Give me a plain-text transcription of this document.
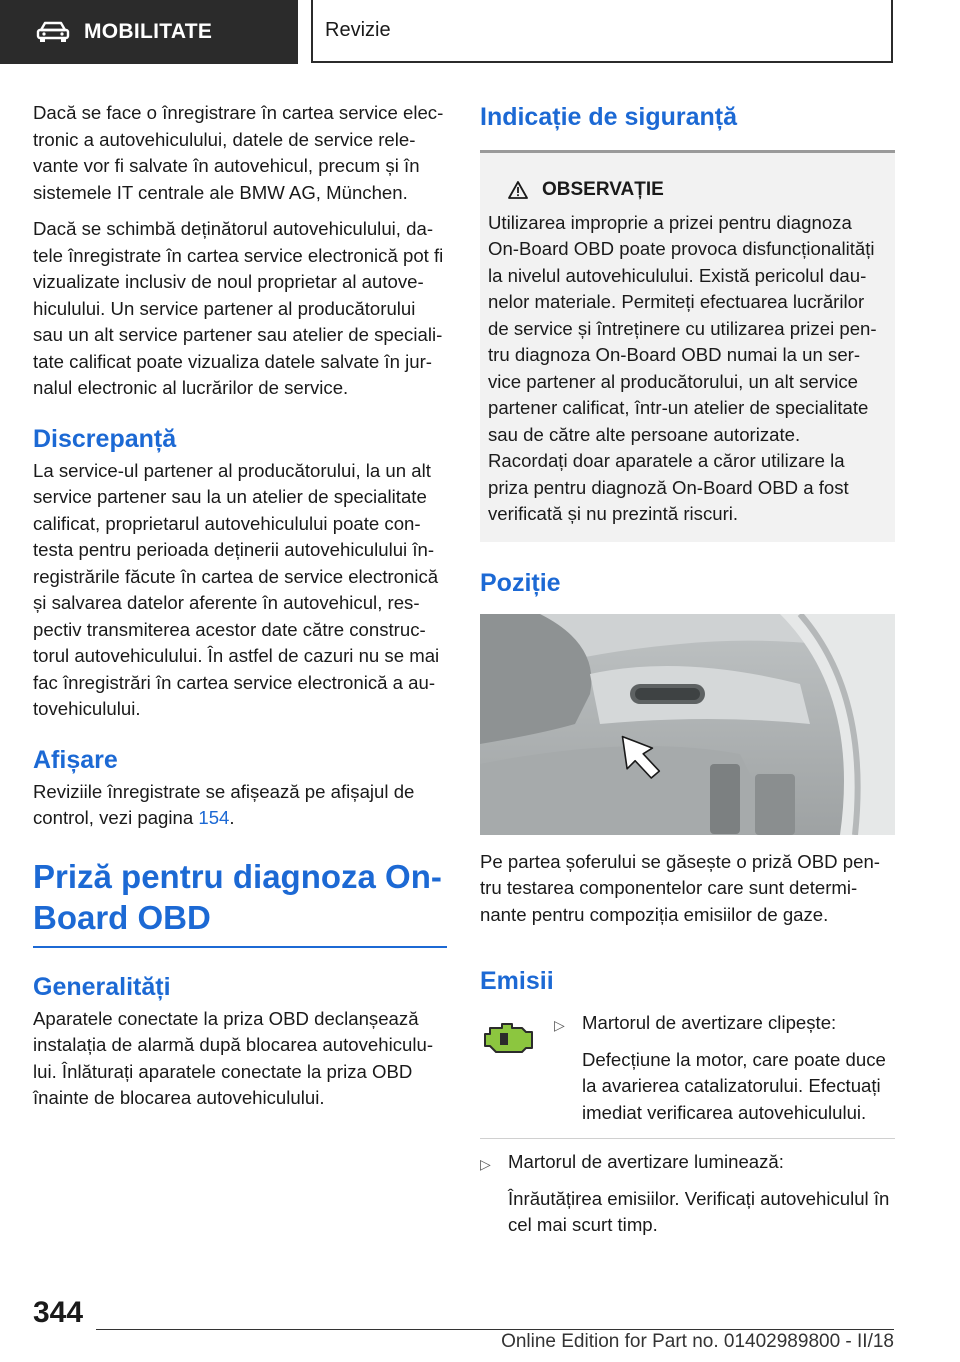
MOBILITATE	Revizie

Dacă se face o înregistrare în cartea service electronic a autovehiculului, datele de service relevante vor fi salvate în autovehicul, precum și în sistemele IT centrale ale BMW AG, München.

Dacă se schimbă deținătorul autovehiculului, datele înregistrate în cartea service electronică pot fi vizualizate inclusiv de noul proprietar al autovehiculului. Un service partener al producătorului sau un alt service partener sau atelier de specialitate calificat poate vizualiza datele salvate în jurnalul electronic al lucrărilor de service.

Discrepanță

La service-ul partener al producătorului, la un alt service partener sau la un atelier de specialitate calificat, proprietarul autovehiculului poate contesta pentru perioada deținerii autovehiculului înregistrările făcute în cartea de service electronică și salvarea datelor aferente în autovehicul, respectiv transmiterea acestor date către constructorul autovehiculului. În astfel de cazuri nu se mai fac înregistrări în cartea service electronică a autovehiculului.

Afișare

Reviziile înregistrate se afișează pe afișajul de control, vezi pagina 154.

Priză pentru diagnoza On-Board OBD
Generalități

Aparatele conectate la priza OBD declanșează instalația de alarmă după blocarea autovehiculului. Înlăturați aparatele conectate la priza OBD înainte de blocarea autovehiculului.

Indicație de siguranță
OBSERVAȚIE
Utilizarea improprie a prizei pentru diagnoza On-Board OBD poate provoca disfuncționalități la nivelul autovehiculului. Există pericolul daunelor materiale. Permiteți efectuarea lucrărilor de service și întreținere cu utilizarea prizei pentru diagnoza On-Board OBD numai la un service partener al producătorului, un alt service partener calificat, într-un atelier de specialitate sau de către alte persoane autorizate. Racordați doar aparatele a căror utilizare la priza pentru diagnoză On-Board OBD a fost verificată și nu prezintă riscuri.
Poziție

Pe partea șoferului se găsește o priză OBD pentru testarea componentelor care sunt determinante pentru compoziția emisiilor de gaze.

Emisii
▷ Martorul de avertizare clipește:
Defecțiune la motor, care poate duce la avarierea catalizatorului. Efectuați imediat verificarea autovehiculului.
▷ Martorul de avertizare luminează:
Înrăutățirea emisiilor. Verificați autovehiculul în cel mai scurt timp.
344
Online Edition for Part no. 01402989800 - II/18
